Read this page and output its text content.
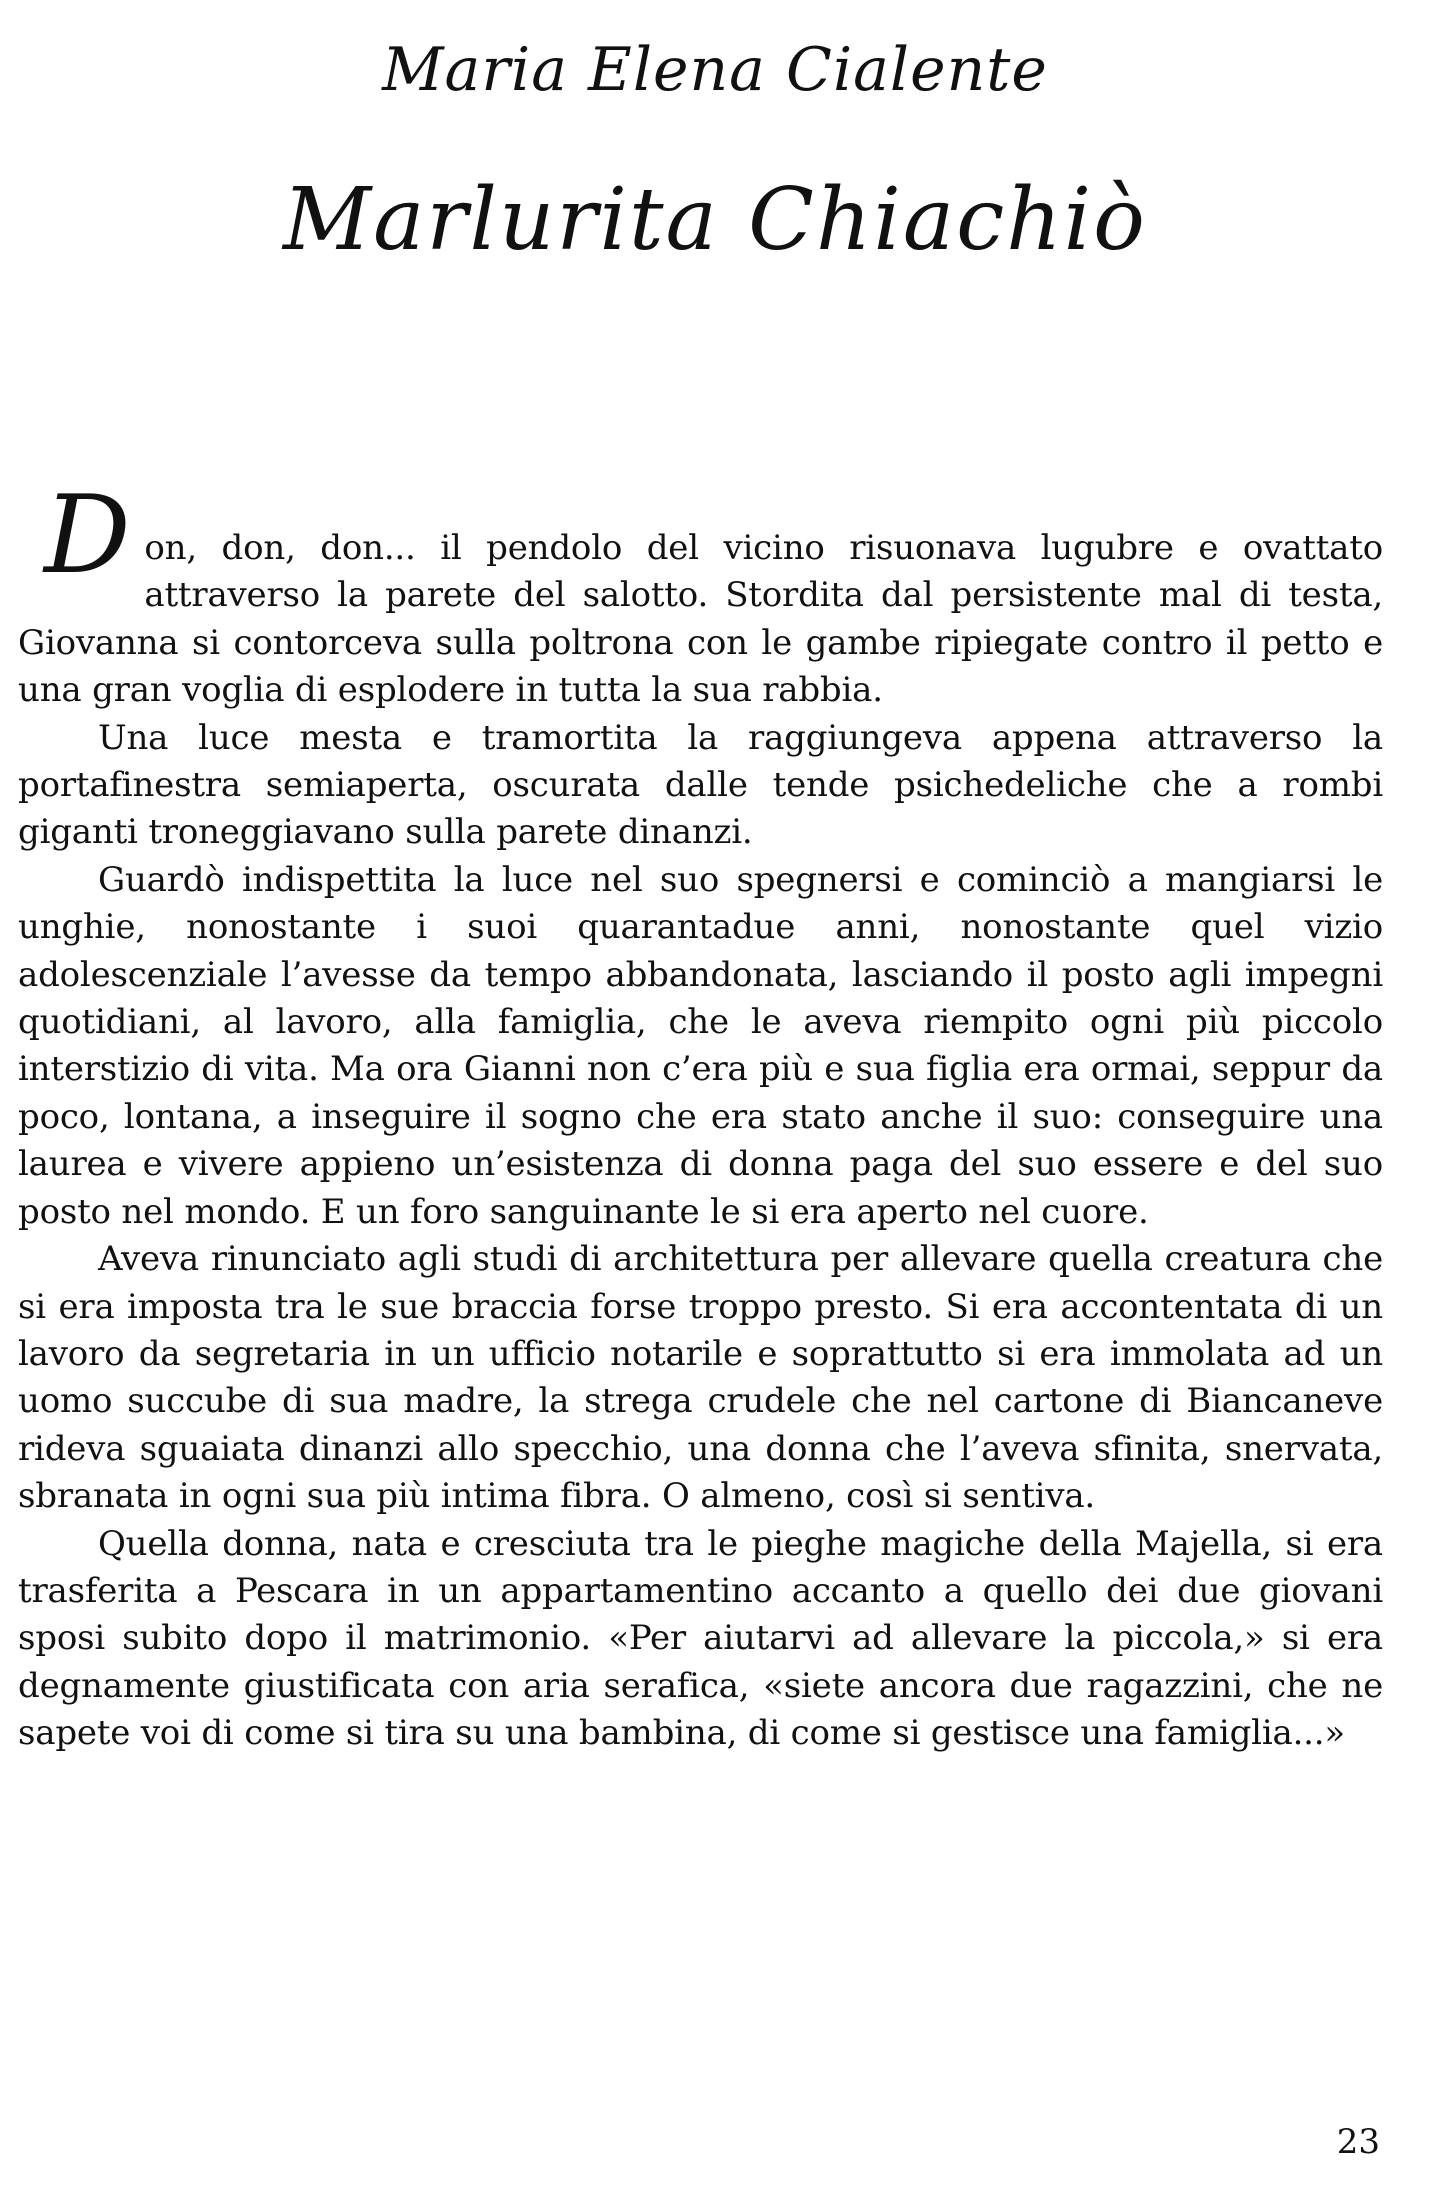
Maria Elena Cialente
Marlurita Chiachiò

Don, don, don... il pendolo del vicino risuonava lugubre e ovattato attraverso la parete del salotto. Stordita dal persistente mal di testa, Giovanna si contorceva sulla poltrona con le gambe ripiegate contro il petto e una gran voglia di esplodere in tutta la sua rabbia.

Una luce mesta e tramortita la raggiungeva appena attraverso la portafinestra semiaperta, oscurata dalle tende psichedeliche che a rombi giganti troneggiavano sulla parete dinanzi.

Guardò indispettita la luce nel suo spegnersi e cominciò a mangiarsi le unghie, nonostante i suoi quarantadue anni, nonostante quel vizio adolescenziale l’avesse da tempo abbandonata, lasciando il posto agli impegni quotidiani, al lavoro, alla famiglia, che le aveva riempito ogni più piccolo interstizio di vita. Ma ora Gianni non c’era più e sua figlia era ormai, seppur da poco, lontana, a inseguire il sogno che era stato anche il suo: conseguire una laurea e vivere appieno un’esistenza di donna paga del suo essere e del suo posto nel mondo. E un foro sanguinante le si era aperto nel cuore.

Aveva rinunciato agli studi di architettura per allevare quella creatura che si era imposta tra le sue braccia forse troppo presto. Si era accontentata di un lavoro da segretaria in un ufficio notarile e soprattutto si era immolata ad un uomo succube di sua madre, la strega crudele che nel cartone di Biancaneve rideva sguaiata dinanzi allo specchio, una donna che l’aveva sfinita, snervata, sbranata in ogni sua più intima fibra. O almeno, così si sentiva.

Quella donna, nata e cresciuta tra le pieghe magiche della Majella, si era trasferita a Pescara in un appartamentino accanto a quello dei due giovani sposi subito dopo il matrimonio. «Per aiutarvi ad allevare la piccola,» si era degnamente giustificata con aria serafica, «siete ancora due ragazzini, che ne sapete voi di come si tira su una bambina, di come si gestisce una famiglia...»

23
